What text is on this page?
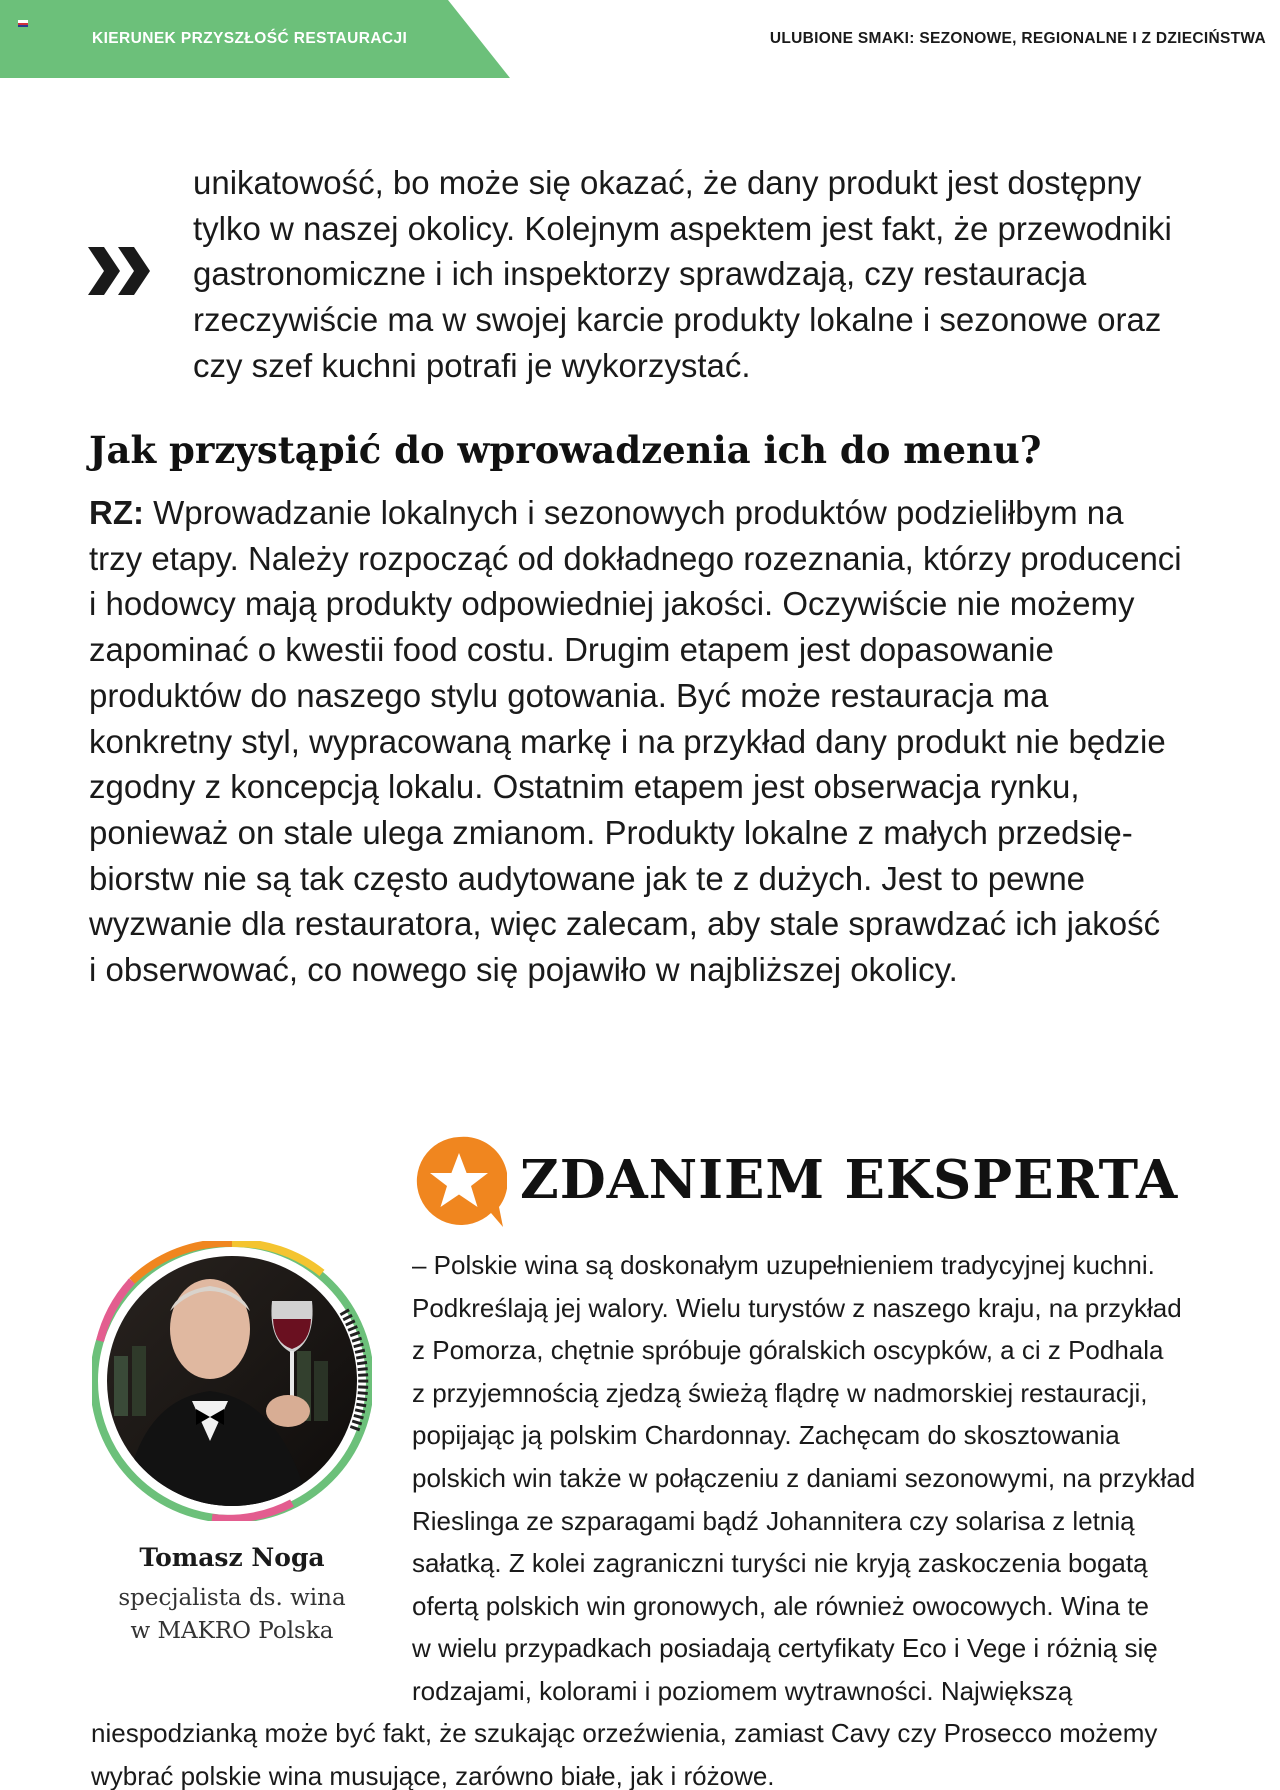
KIERUNEK PRZYSZŁOŚĆ RESTAURACJI	ULUBIONE SMAKI: SEZONOWE, REGIONALNE I Z DZIECIŃSTWA
unikatowość, bo może się okazać, że dany produkt jest dostępny
tylko w naszej okolicy. Kolejnym aspektem jest fakt, że przewodniki
gastronomiczne i ich inspektorzy sprawdzają, czy restauracja
rzeczywiście ma w swojej karcie produkty lokalne i sezonowe oraz
czy szef kuchni potrafi je wykorzystać.
Jak przystąpić do wprowadzenia ich do menu?
RZ: Wprowadzanie lokalnych i sezonowych produktów podzieliłbym na
trzy etapy. Należy rozpocząć od dokładnego rozeznania, którzy producenci
i hodowcy mają produkty odpowiedniej jakości. Oczywiście nie możemy
zapominać o kwestii food costu. Drugim etapem jest dopasowanie
produktów do naszego stylu gotowania. Być może restauracja ma
konkretny styl, wypracowaną markę i na przykład dany produkt nie będzie
zgodny z koncepcją lokalu. Ostatnim etapem jest obserwacja rynku,
ponieważ on stale ulega zmianom. Produkty lokalne z małych przedsię-
biorstw nie są tak często audytowane jak te z dużych. Jest to pewne
wyzwanie dla restauratora, więc zalecam, aby stale sprawdzać ich jakość
i obserwować, co nowego się pojawiło w najbliższej okolicy.
ZDANIEM EKSPERTA
Tomasz Noga
specjalista ds. wina
w MAKRO Polska
– Polskie wina są doskonałym uzupełnieniem tradycyjnej kuchni.
Podkreślają jej walory. Wielu turystów z naszego kraju, na przykład
z Pomorza, chętnie spróbuje góralskich oscypków, a ci z Podhala
z przyjemnością zjedzą świeżą flądrę w nadmorskiej restauracji,
popijając ją polskim Chardonnay. Zachęcam do skosztowania
polskich win także w połączeniu z daniami sezonowymi, na przykład
Rieslinga ze szparagami bądź Johannitera czy solarisa z letnią
sałatką. Z kolei zagraniczni turyści nie kryją zaskoczenia bogatą
ofertą polskich win gronowych, ale również owocowych. Wina te
w wielu przypadkach posiadają certyfikaty Eco i Vege i różnią się
rodzajami, kolorami i poziomem wytrawności. Największą
niespodzianką może być fakt, że szukając orzeźwienia, zamiast Cavy czy Prosecco możemy
wybrać polskie wina musujące, zarówno białe, jak i różowe.
